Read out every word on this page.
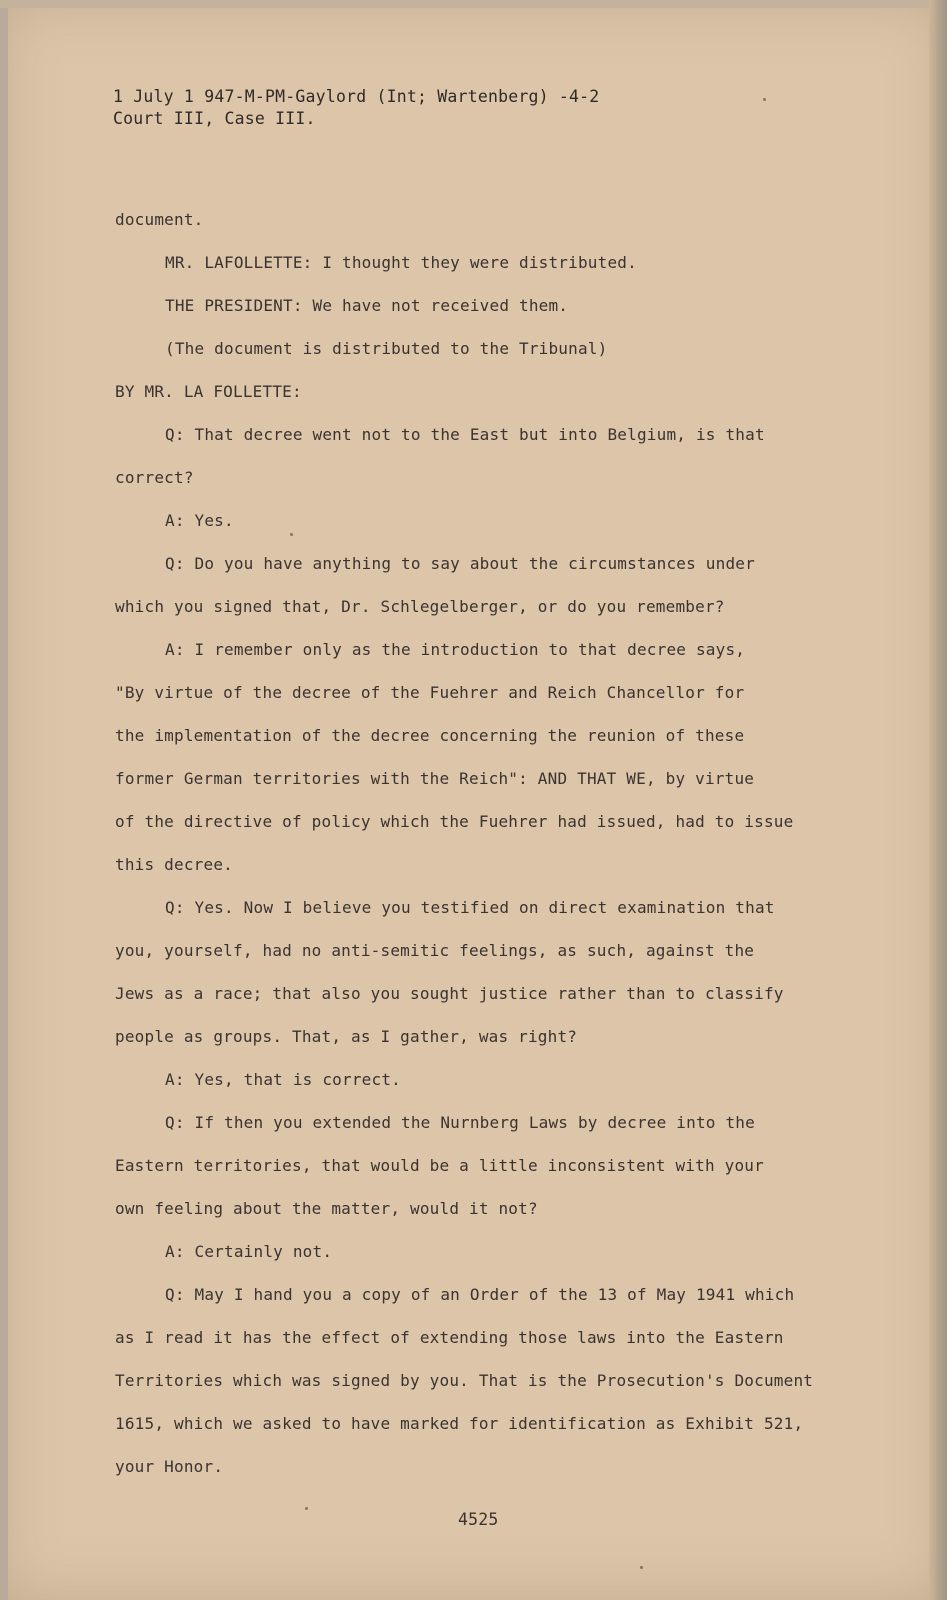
1 July 1 947-M-PM-Gaylord (Int; Wartenberg) -4-2
Court III, Case III.
document.
MR. LAFOLLETTE: I thought they were distributed.
THE PRESIDENT: We have not received them.
(The document is distributed to the Tribunal)
BY MR. LA FOLLETTE:
Q: That decree went not to the East but into Belgium, is that
correct?
A: Yes.
Q: Do you have anything to say about the circumstances under
which you signed that, Dr. Schlegelberger, or do you remember?
A: I remember only as the introduction to that decree says,
"By virtue of the decree of the Fuehrer and Reich Chancellor for
the implementation of the decree concerning the reunion of these
former German territories with the Reich": AND THAT WE, by virtue
of the directive of policy which the Fuehrer had issued, had to issue
this decree.
Q: Yes. Now I believe you testified on direct examination that
you, yourself, had no anti-semitic feelings, as such, against the
Jews as a race; that also you sought justice rather than to classify
people as groups. That, as I gather, was right?
A: Yes, that is correct.
Q: If then you extended the Nurnberg Laws by decree into the
Eastern territories, that would be a little inconsistent with your
own feeling about the matter, would it not?
A: Certainly not.
Q: May I hand you a copy of an Order of the 13 of May 1941 which
as I read it has the effect of extending those laws into the Eastern
Territories which was signed by you. That is the Prosecution's Document
1615, which we asked to have marked for identification as Exhibit 521,
your Honor.
4525
